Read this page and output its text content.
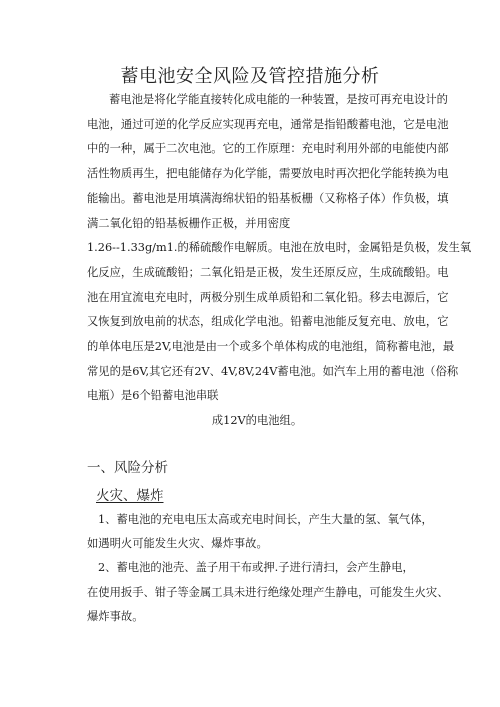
蓄电池安全风险及管控措施分析
蓄电池是将化学能直接转化成电能的一种装置，是按可再充电设计的
电池，通过可逆的化学反应实现再充电，通常是指铅酸蓄电池，它是电池
中的一种，属于二次电池。它的工作原理：充电时利用外部的电能使内部
活性物质再生，把电能储存为化学能，需要放电时再次把化学能转换为电
能输出。蓄电池是用填满海绵状铅的铅基板栅（又称格子体）作负极，填
满二氧化铅的铅基板栅作正极，并用密度
1.26--1.33g/m1.的稀硫酸作电解质。电池在放电时，金属铅是负极，发生氧
化反应，生成硫酸铅；二氧化铅是正极，发生还原反应，生成硫酸铅。电
池在用宜流电充电时，两极分别生成单质铅和二氧化铅。移去电源后，它
又恢复到放电前的状态，组成化学电池。铅蓄电池能反复充电、放电，它
的单体电压是2V,电池是由一个或多个单体构成的电池组，简称蓄电池，最
常见的是6V,其它还有2V、4V,8V,24V蓄电池。如汽车上用的蓄电池（俗称
电瓶）是6个铅蓄电池串联
成12V的电池组。
一、风险分析
火灾、爆炸
1、蓄电池的充电电压太高或充电时间长，产生大量的氢、氧气体，
如遇明火可能发生火灾、爆炸事故。
2、蓄电池的池壳、盖子用干布或押.子进行清扫，会产生静电，
在使用扳手、钳子等金属工具未进行绝缘处理产生静电，可能发生火灾、
爆炸事故。
